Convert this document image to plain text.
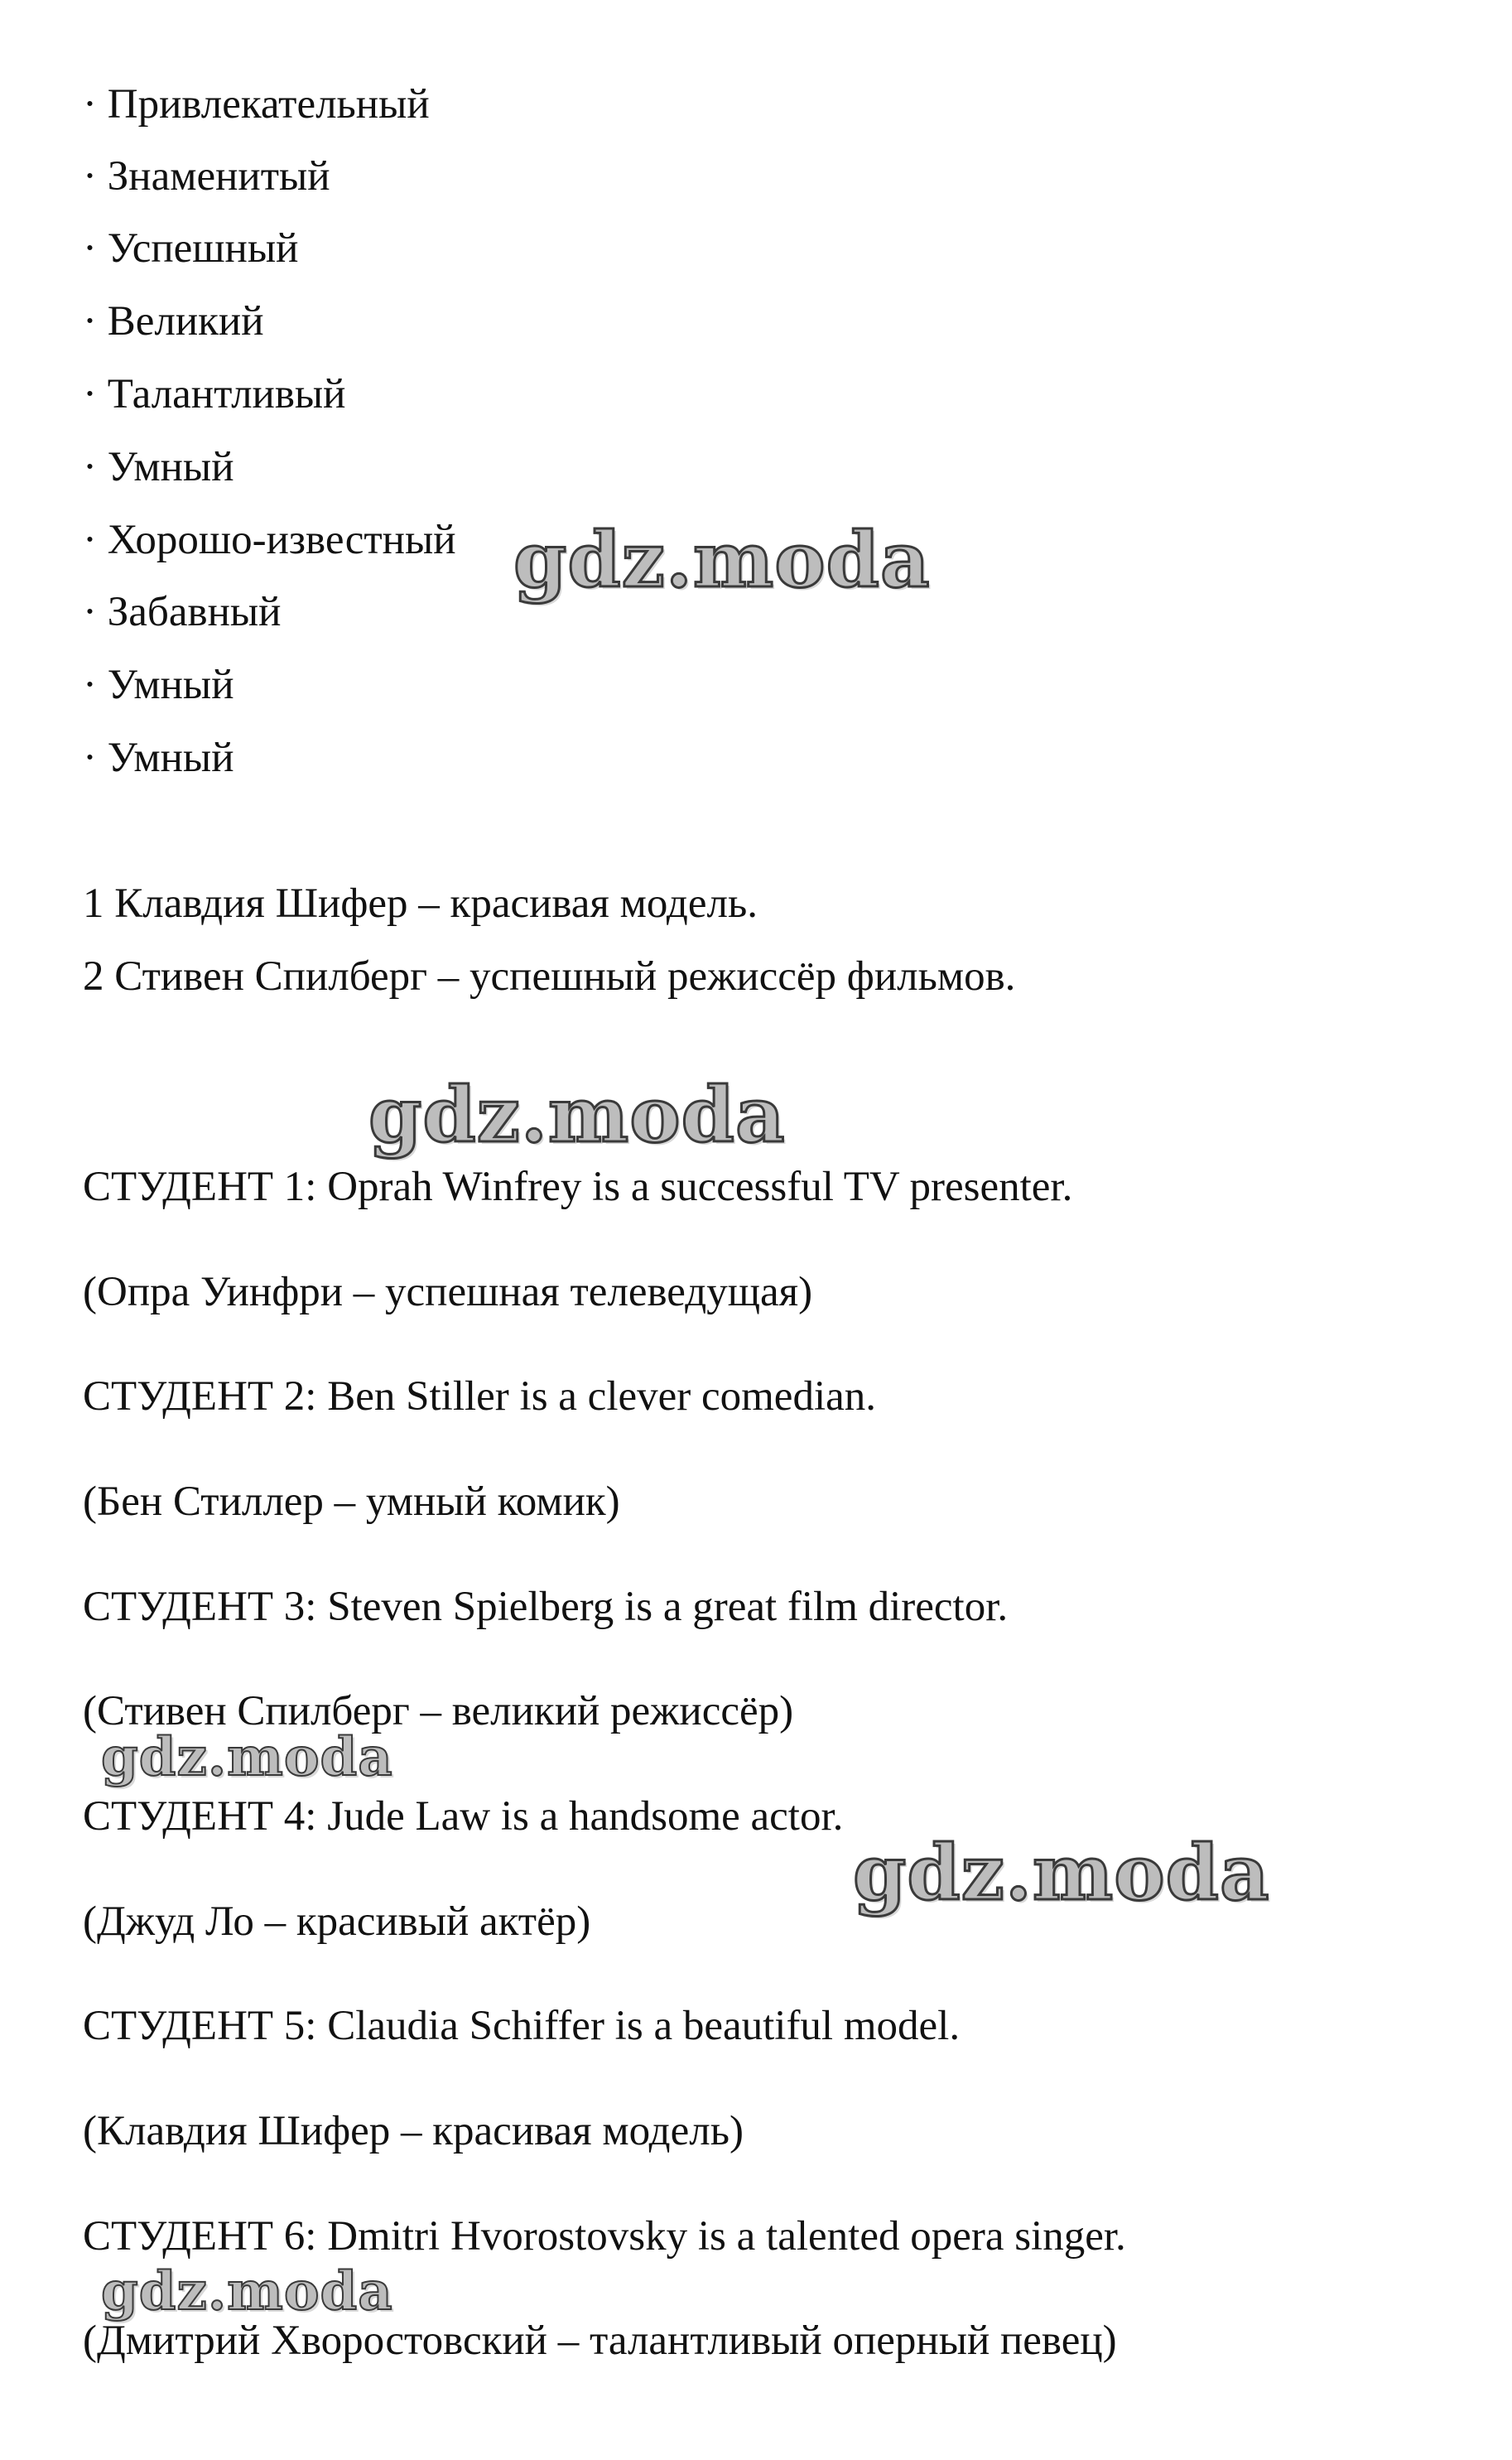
· Привлекательный
· Знаменитый
· Успешный
· Великий
· Талантливый
· Умный
· Хорошо-известный
· Забавный
· Умный
· Умный
1 Клавдия Шифер – красивая модель.
2 Стивен Спилберг – успешный режиссёр фильмов.
СТУДЕНТ 1: Oprah Winfrey is a successful TV presenter.
(Опра Уинфри – успешная телеведущая)
СТУДЕНТ 2: Ben Stiller is a clever comedian.
(Бен Стиллер – умный комик)
СТУДЕНТ 3: Steven Spielberg is a great film director.
(Стивен Спилберг – великий режиссёр)
СТУДЕНТ 4: Jude Law is a handsome actor.
(Джуд Ло – красивый актёр)
СТУДЕНТ 5: Claudia Schiffer is a beautiful model.
(Клавдия Шифер – красивая модель)
СТУДЕНТ 6: Dmitri Hvorostovsky is a talented opera singer.
(Дмитрий Хворостовский – талантливый оперный певец)
gdz.moda
gdz.moda
gdz.moda
gdz.moda
gdz.moda
